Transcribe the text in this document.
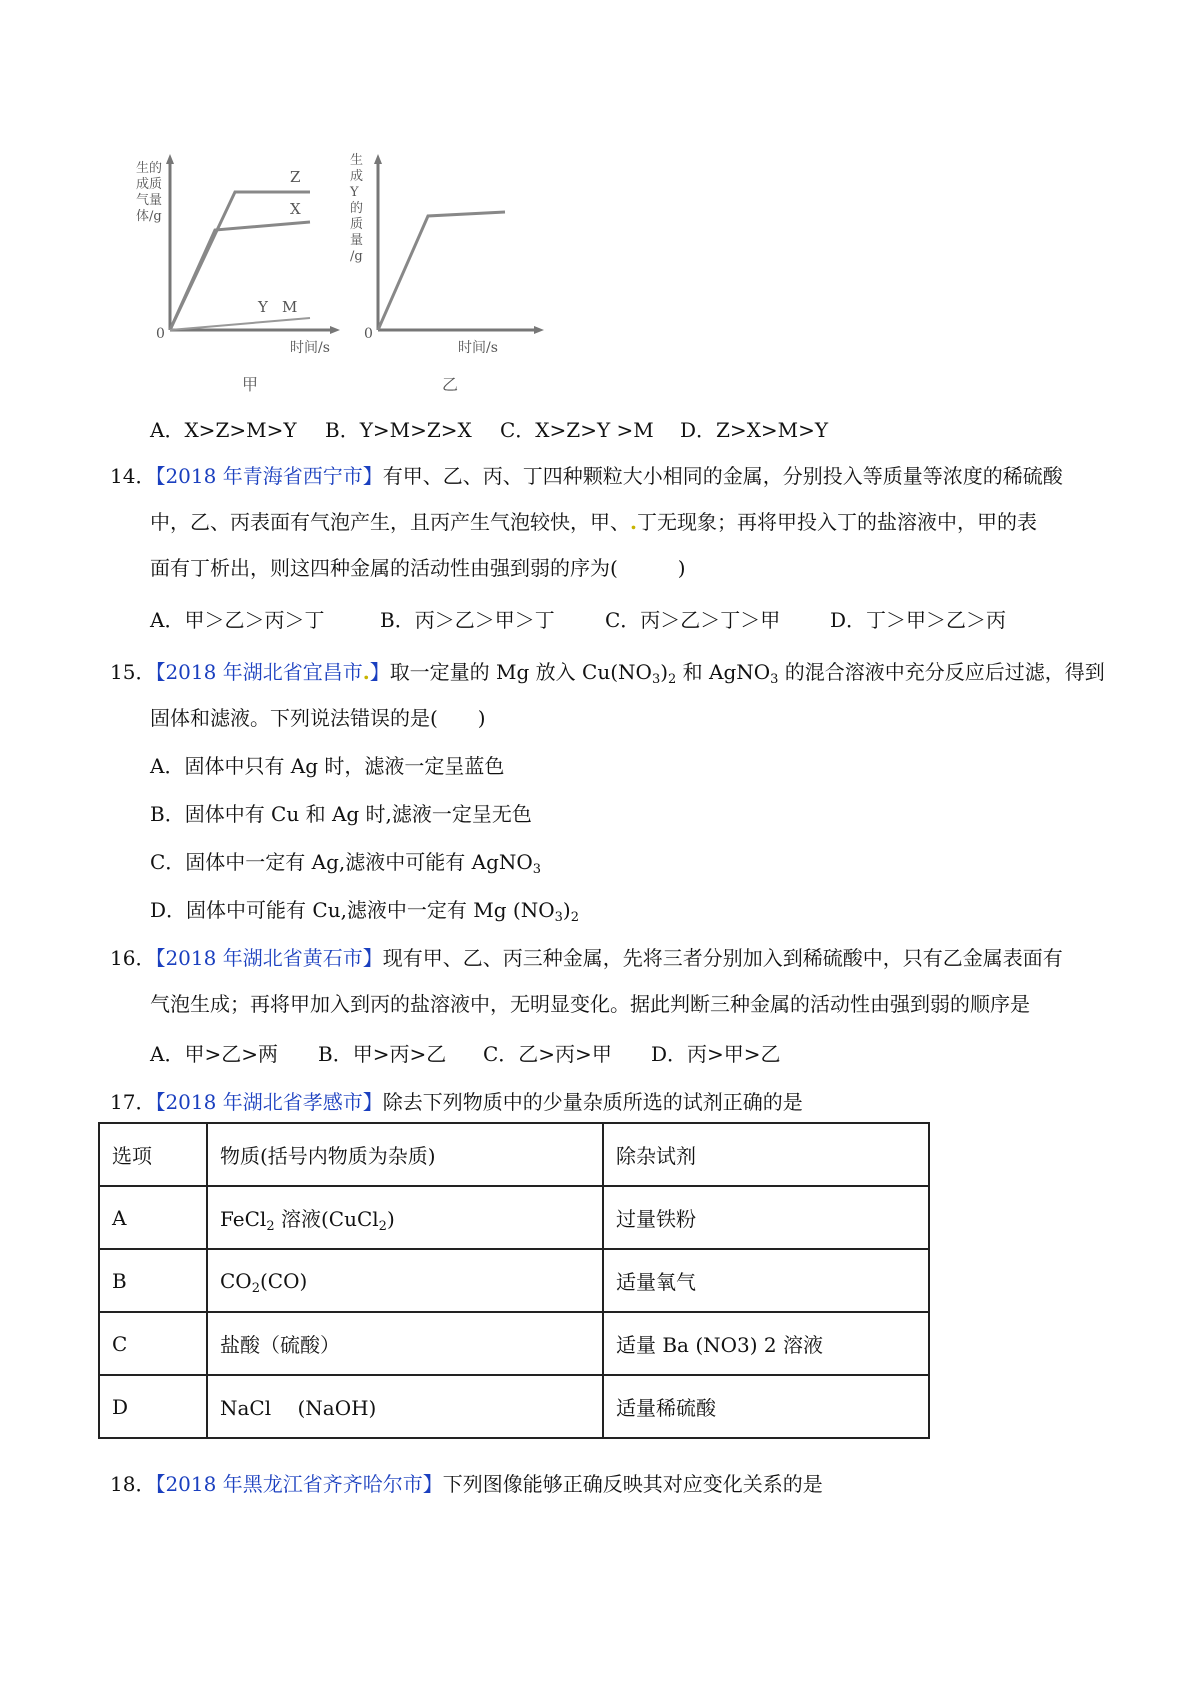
生的
成质
气量
体/g
Z
X
Y M
0
时间/s
甲
生
成
Y
的
质
量
/g
0
时间/s
乙
A．X>Z>M>Y B．Y>M>Z>X C．X>Z>Y >M D．Z>X>M>Y
14．【2018 年青海省西宁市】有甲、乙、丙、丁四种颗粒大小相同的金属，分别投入等质量等浓度的稀硫酸
中，乙、丙表面有气泡产生，且丙产生气泡较快，甲、.丁无现象；再将甲投入丁的盐溶液中，甲的表
面有丁析出，则这四种金属的活动性由强到弱的序为(　　　)
A．甲＞乙＞丙＞丁	B．丙＞乙＞甲＞丁	C．丙＞乙＞丁＞甲 D．丁＞甲＞乙＞丙
15．【2018 年湖北省宜昌市.】取一定量的 Mg 放入 $Cu(NO_3)_2$ 和 AgNO$_3$ 的混合溶液中充分反应后过滤，得到
固体和滤液。下列说法错误的是(　　)
A．固体中只有 Ag 时，滤液一定呈蓝色
B．固体中有 Cu 和 Ag 时,滤液一定呈无色
C．固体中一定有 Ag,滤液中可能有 AgNO$_3$
D．固体中可能有 Cu,滤液中一定有 Mg $(NO_3)_2$
16．【2018 年湖北省黄石市】现有甲、乙、丙三种金属，先将三者分别加入到稀硫酸中，只有乙金属表面有
气泡生成；再将甲加入到丙的盐溶液中，无明显变化。据此判断三种金属的活动性由强到弱的顺序是
A．甲>乙>两 B．甲>丙>乙 C．乙>丙>甲 D．丙>甲>乙
17．【2018 年湖北省孝感市】除去下列物质中的少量杂质所选的试剂正确的是
选项	物质(括号内物质为杂质)	除杂试剂
A	FeCl$_2$ 溶液(CuCl$_2$)	过量铁粉
B	$CO_2(CO)$	适量氧气
C	盐酸（硫酸）	适量 Ba (NO3) 2 溶液
D	NaCl　 (NaOH)	适量稀硫酸
18．【2018 年黑龙江省齐齐哈尔市】下列图像能够正确反映其对应变化关系的是
